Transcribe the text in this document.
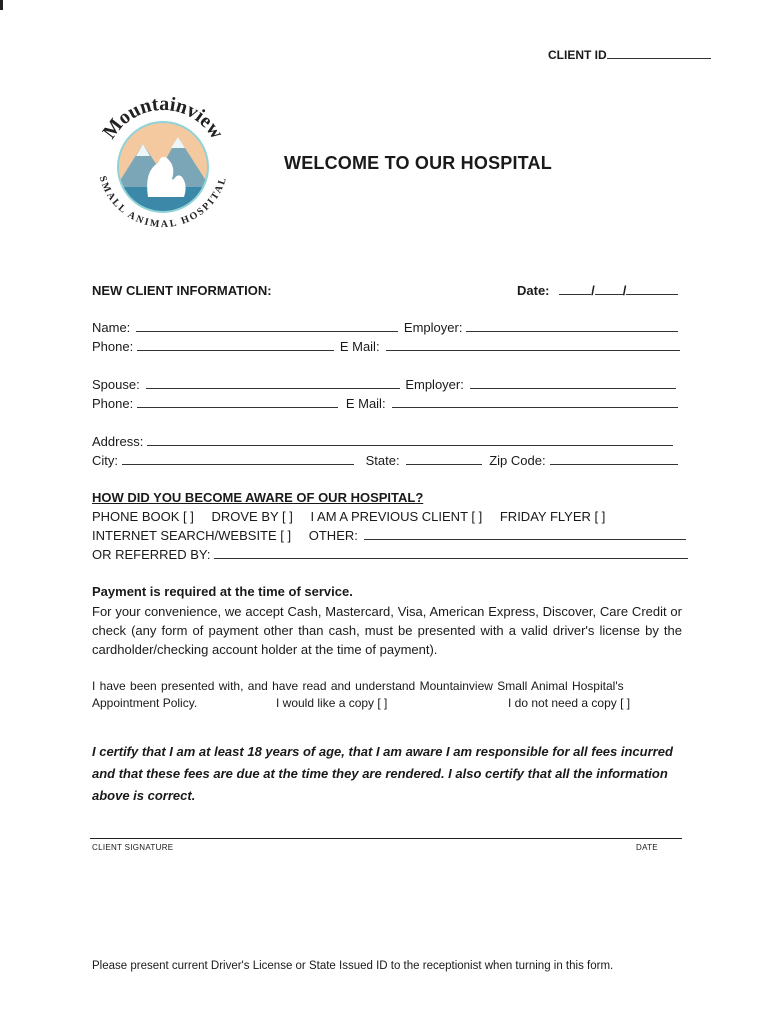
CLIENT ID
Mountainview
SMALL ANIMAL HOSPITAL
WELCOME TO OUR HOSPITAL
NEW CLIENT INFORMATION:	Date:	/ /
Name:	Employer:
Phone:	E Mail:
Spouse:	Employer:
Phone:	E Mail:
Address:
City:	State:	Zip Code:
HOW DID YOU BECOME AWARE OF OUR HOSPITAL?
PHONE BOOK [ ] DROVE BY [ ] I AM A PREVIOUS CLIENT [ ] FRIDAY FLYER [ ]
INTERNET SEARCH/WEBSITE [ ] OTHER:
OR REFERRED BY:
Payment is required at the time of service.
For your convenience, we accept Cash, Mastercard, Visa, American Express, Discover, Care Credit or check (any form of payment other than cash, must be presented with a valid driver's license by the cardholder/checking account holder at the time of payment).
I have been presented with, and have read and understand Mountainview Small Animal Hospital's
Appointment Policy.	I would like a copy [ ]	I do not need a copy [ ]
I certify that I am at least 18 years of age, that I am aware I am responsible for all fees incurred and that these fees are due at the time they are rendered. I also certify that all the information above is correct.
CLIENT SIGNATURE	DATE
Please present current Driver's License or State Issued ID to the receptionist when turning in this form.
